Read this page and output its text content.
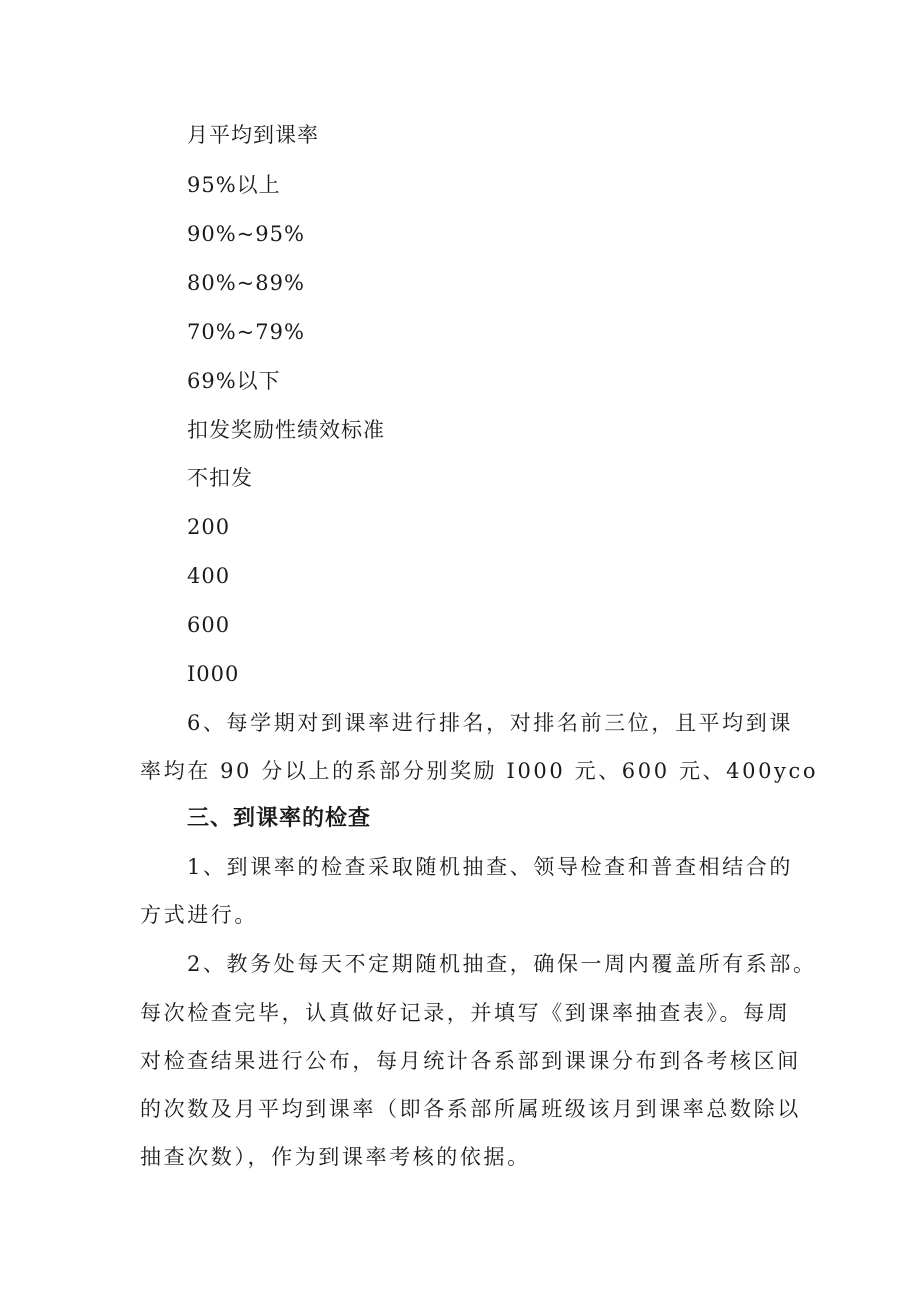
月平均到课率
95%以上
90%~95%
80%~89%
70%~79%
69%以下
扣发奖励性绩效标准
不扣发
200
400
600
I000
6、每学期对到课率进行排名，对排名前三位，且平均到课
率均在 90 分以上的系部分别奖励 I000 元、600 元、400yco
三、到课率的检查
1、到课率的检查采取随机抽查、领导检查和普查相结合的
方式进行。
2、教务处每天不定期随机抽查，确保一周内覆盖所有系部。
每次检查完毕，认真做好记录，并填写《到课率抽查表》。每周
对检查结果进行公布，每月统计各系部到课课分布到各考核区间
的次数及月平均到课率（即各系部所属班级该月到课率总数除以
抽查次数），作为到课率考核的依据。
